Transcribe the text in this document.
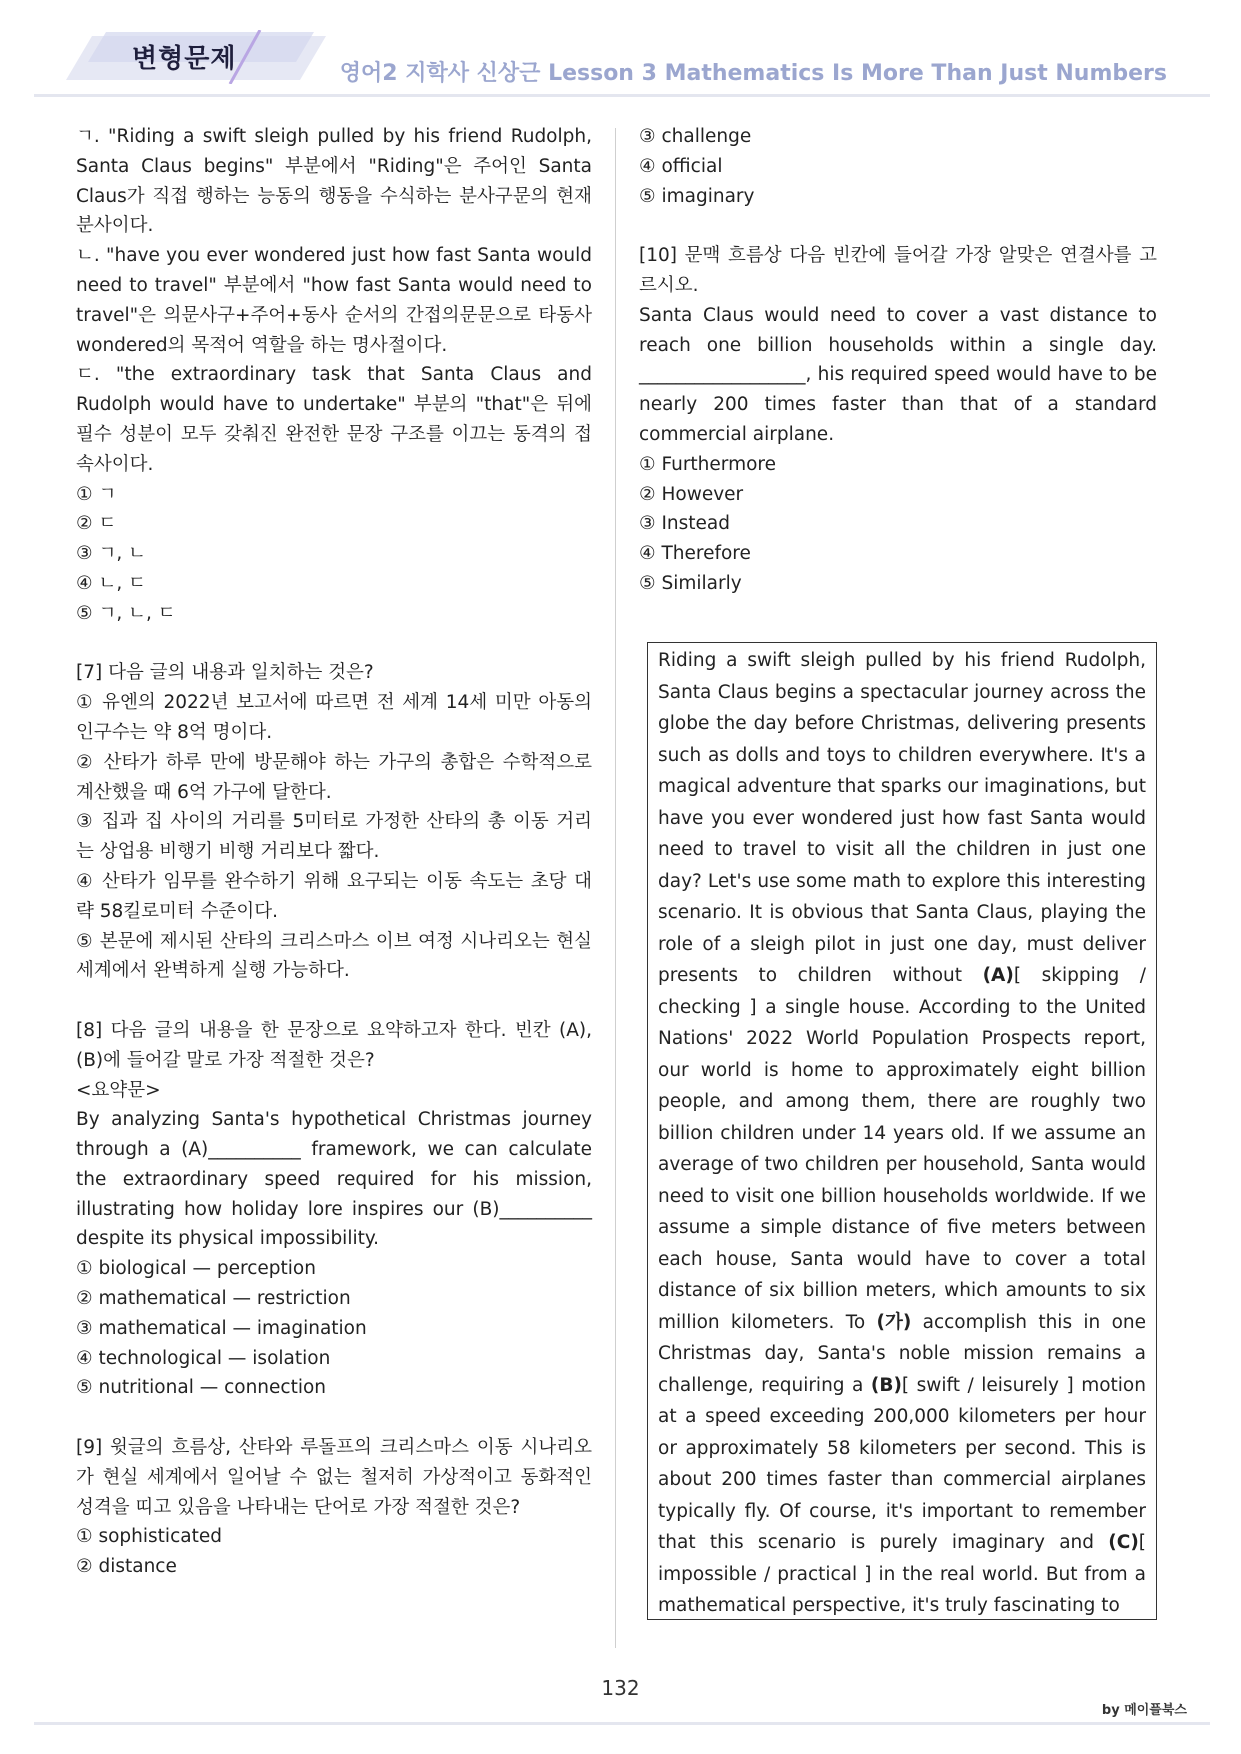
변형문제	영어2 지학사 신상근 Lesson 3 Mathematics Is More Than Just Numbers

ㄱ. "Riding a swift sleigh pulled by his friend Rudolph, Santa Claus begins" 부분에서 "Riding"은 주어인 Santa Claus가 직접 행하는 능동의 행동을 수식하는 분사구문의 현재분사이다.

ㄴ. "have you ever wondered just how fast Santa would need to travel" 부분에서 "how fast Santa would need to travel"은 의문사구+주어+동사 순서의 간접의문문으로 타동사 wondered의 목적어 역할을 하는 명사절이다.

ㄷ. "the extraordinary task that Santa Claus and Rudolph would have to undertake" 부분의 "that"은 뒤에 필수 성분이 모두 갖춰진 완전한 문장 구조를 이끄는 동격의 접속사이다.

① ㄱ

② ㄷ

③ ㄱ, ㄴ

④ ㄴ, ㄷ

⑤ ㄱ, ㄴ, ㄷ

[7] 다음 글의 내용과 일치하는 것은?

① 유엔의 2022년 보고서에 따르면 전 세계 14세 미만 아동의 인구수는 약 8억 명이다.

② 산타가 하루 만에 방문해야 하는 가구의 총합은 수학적으로 계산했을 때 6억 가구에 달한다.

③ 집과 집 사이의 거리를 5미터로 가정한 산타의 총 이동 거리는 상업용 비행기 비행 거리보다 짧다.

④ 산타가 임무를 완수하기 위해 요구되는 이동 속도는 초당 대략 58킬로미터 수준이다.

⑤ 본문에 제시된 산타의 크리스마스 이브 여정 시나리오는 현실 세계에서 완벽하게 실행 가능하다.

[8] 다음 글의 내용을 한 문장으로 요약하고자 한다. 빈칸 (A), (B)에 들어갈 말로 가장 적절한 것은?

<요약문>

By analyzing Santa's hypothetical Christmas journey through a (A)__________ framework, we can calculate the extraordinary speed required for his mission, illustrating how holiday lore inspires our (B)__________ despite its physical impossibility.

① biological — perception

② mathematical — restriction

③ mathematical — imagination

④ technological — isolation

⑤ nutritional — connection

[9] 윗글의 흐름상, 산타와 루돌프의 크리스마스 이동 시나리오가 현실 세계에서 일어날 수 없는 철저히 가상적이고 동화적인 성격을 띠고 있음을 나타내는 단어로 가장 적절한 것은?

① sophisticated

② distance

③ challenge

④ official

⑤ imaginary

[10] 문맥 흐름상 다음 빈칸에 들어갈 가장 알맞은 연결사를 고르시오.

Santa Claus would need to cover a vast distance to reach one billion households within a single day. __________________, his required speed would have to be nearly 200 times faster than that of a standard commercial airplane.

① Furthermore

② However

③ Instead

④ Therefore

⑤ Similarly

Riding a swift sleigh pulled by his friend Rudolph, Santa Claus begins a spectacular journey across the globe the day before Christmas, delivering presents such as dolls and toys to children everywhere. It's a magical adventure that sparks our imaginations, but have you ever wondered just how fast Santa would need to travel to visit all the children in just one day? Let's use some math to explore this interesting scenario. It is obvious that Santa Claus, playing the role of a sleigh pilot in just one day, must deliver presents to children without (A)[ skipping / checking ] a single house. According to the United Nations' 2022 World Population Prospects report, our world is home to approximately eight billion people, and among them, there are roughly two billion children under 14 years old. If we assume an average of two children per household, Santa would need to visit one billion households worldwide. If we assume a simple distance of five meters between each house, Santa would have to cover a total distance of six billion meters, which amounts to six million kilometers. To (가) accomplish this in one Christmas day, Santa's noble mission remains a challenge, requiring a (B)[ swift / leisurely ] motion at a speed exceeding 200,000 kilometers per hour or approximately 58 kilometers per second. This is about 200 times faster than commercial airplanes typically fly. Of course, it's important to remember that this scenario is purely imaginary and (C)[ impossible / practical ] in the real world. But from a mathematical perspective, it's truly fascinating to
132
by 메이플북스
